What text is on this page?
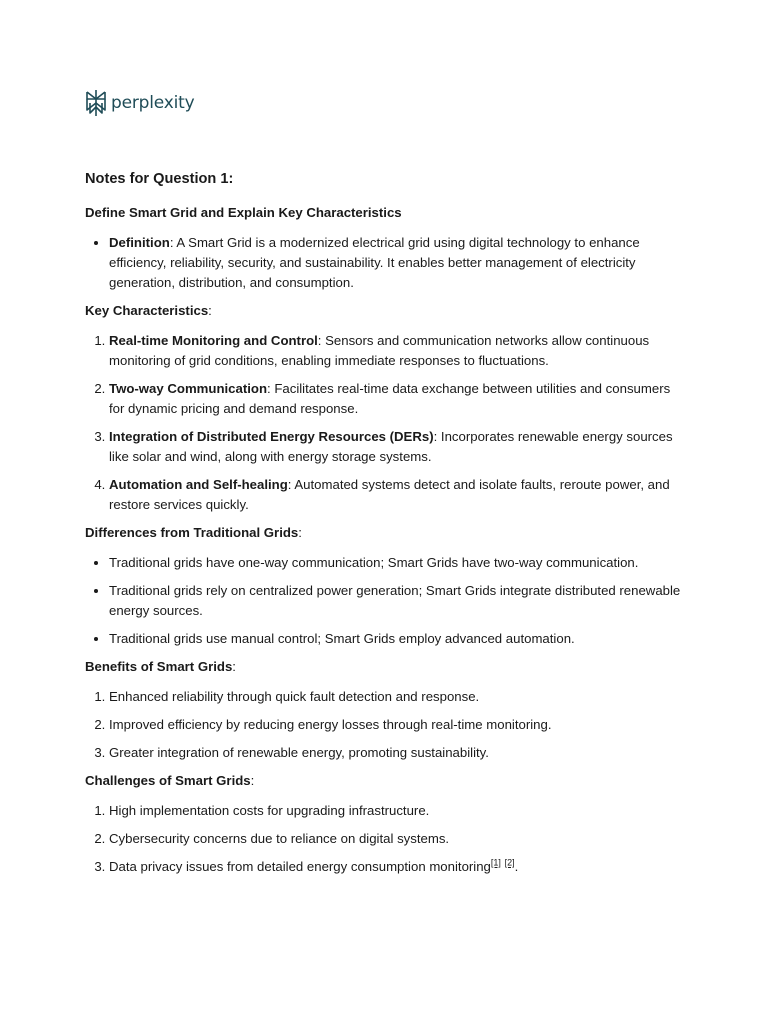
perplexity
Notes for Question 1:
Define Smart Grid and Explain Key Characteristics
• Definition: A Smart Grid is a modernized electrical grid using digital technology to enhance efficiency, reliability, security, and sustainability. It enables better management of electricity generation, distribution, and consumption.
Key Characteristics:
1. Real-time Monitoring and Control: Sensors and communication networks allow continuous monitoring of grid conditions, enabling immediate responses to fluctuations.
2. Two-way Communication: Facilitates real-time data exchange between utilities and consumers for dynamic pricing and demand response.
3. Integration of Distributed Energy Resources (DERs): Incorporates renewable energy sources like solar and wind, along with energy storage systems.
4. Automation and Self-healing: Automated systems detect and isolate faults, reroute power, and restore services quickly.
Differences from Traditional Grids:
• Traditional grids have one-way communication; Smart Grids have two-way communication.
• Traditional grids rely on centralized power generation; Smart Grids integrate distributed renewable energy sources.
• Traditional grids use manual control; Smart Grids employ advanced automation.
Benefits of Smart Grids:
1. Enhanced reliability through quick fault detection and response.
2. Improved efficiency by reducing energy losses through real-time monitoring.
3. Greater integration of renewable energy, promoting sustainability.
Challenges of Smart Grids:
1. High implementation costs for upgrading infrastructure.
2. Cybersecurity concerns due to reliance on digital systems.
3. Data privacy issues from detailed energy consumption monitoring[1] [2].
